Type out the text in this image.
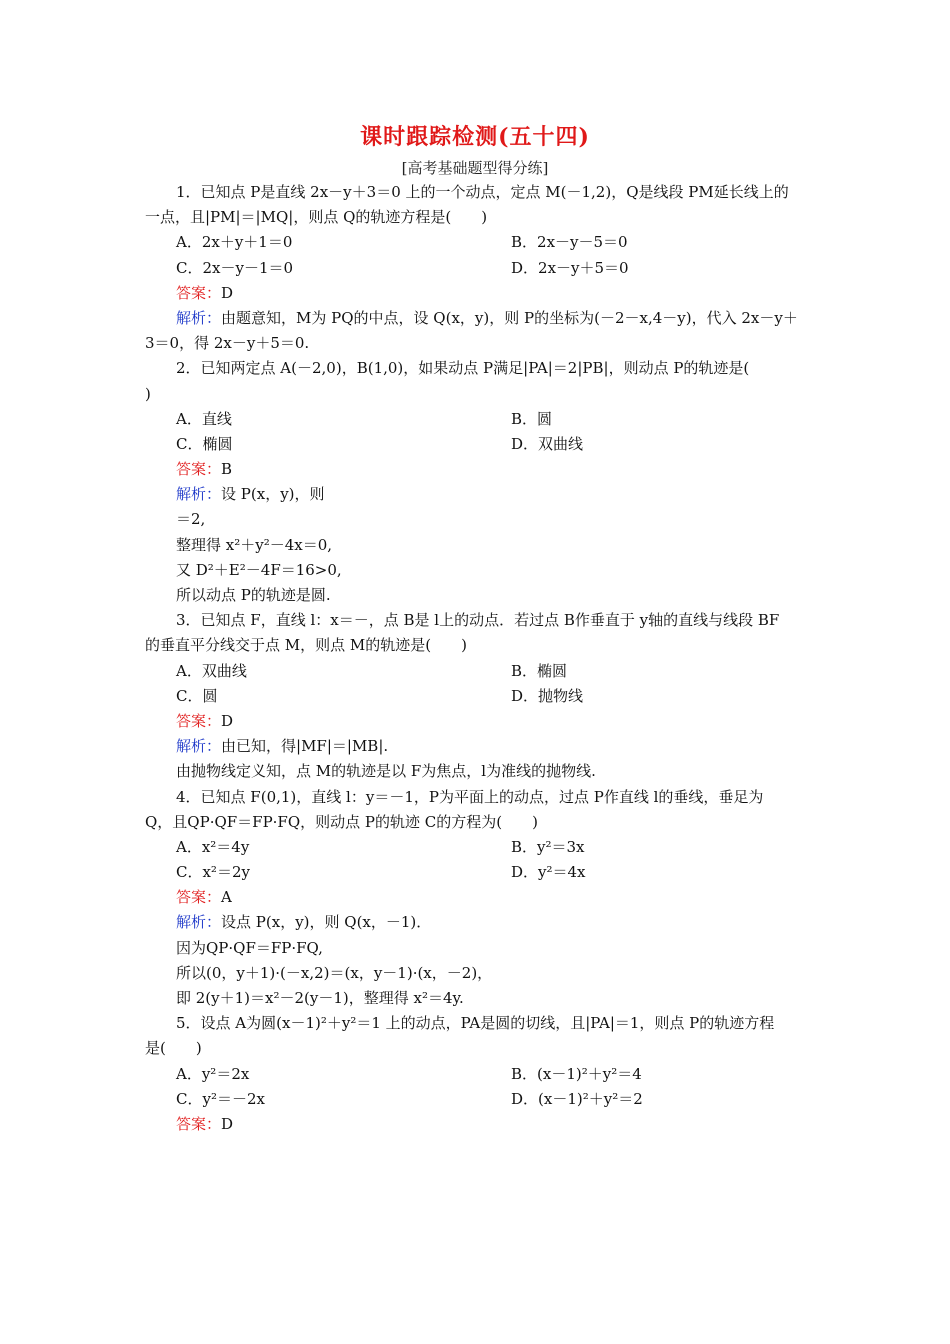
课时跟踪检测(五十四)
[高考基础题型得分练]
1．已知点 P是直线 2x－y＋3＝0 上的一个动点，定点 M(－1,2)，Q是线段 PM延长线上的
一点，且|PM|＝|MQ|，则点 Q的轨迹方程是(　　)
A．2x＋y＋1＝0	B．2x－y－5＝0
C．2x－y－1＝0	D．2x－y＋5＝0
答案：D
解析：由题意知，M为 PQ的中点，设 Q(x，y)，则 P的坐标为(－2－x,4－y)，代入 2x－y＋
3＝0，得 2x－y＋5＝0.
2．已知两定点 A(－2,0)，B(1,0)，如果动点 P满足|PA|＝2|PB|，则动点 P的轨迹是(
)
A．直线	B．圆
C．椭圆	D．双曲线
答案：B
解析：设 P(x，y)，则
＝2,
整理得 x²＋y²－4x＝0,
又 D²＋E²－4F＝16>0,
所以动点 P的轨迹是圆.
3．已知点 F，直线 l：x＝－，点 B是 l上的动点．若过点 B作垂直于 y轴的直线与线段 BF
的垂直平分线交于点 M，则点 M的轨迹是(　　)
A．双曲线	B．椭圆
C．圆	D．抛物线
答案：D
解析：由已知，得|MF|＝|MB|.
由抛物线定义知，点 M的轨迹是以 F为焦点，l为准线的抛物线.
4．已知点 F(0,1)，直线 l：y＝－1，P为平面上的动点，过点 P作直线 l的垂线，垂足为
Q，且QP·QF＝FP·FQ，则动点 P的轨迹 C的方程为(　　)
A．x²＝4y	B．y²＝3x
C．x²＝2y	D．y²＝4x
答案：A
解析：设点 P(x，y)，则 Q(x，－1)．
因为QP·QF＝FP·FQ,
所以(0，y＋1)·(－x,2)＝(x，y－1)·(x，－2)，
即 2(y＋1)＝x²－2(y－1)，整理得 x²＝4y.
5．设点 A为圆(x－1)²＋y²＝1 上的动点，PA是圆的切线，且|PA|＝1，则点 P的轨迹方程
是(　　)
A．y²＝2x	B．(x－1)²＋y²＝4
C．y²＝－2x	D．(x－1)²＋y²＝2
答案：D
